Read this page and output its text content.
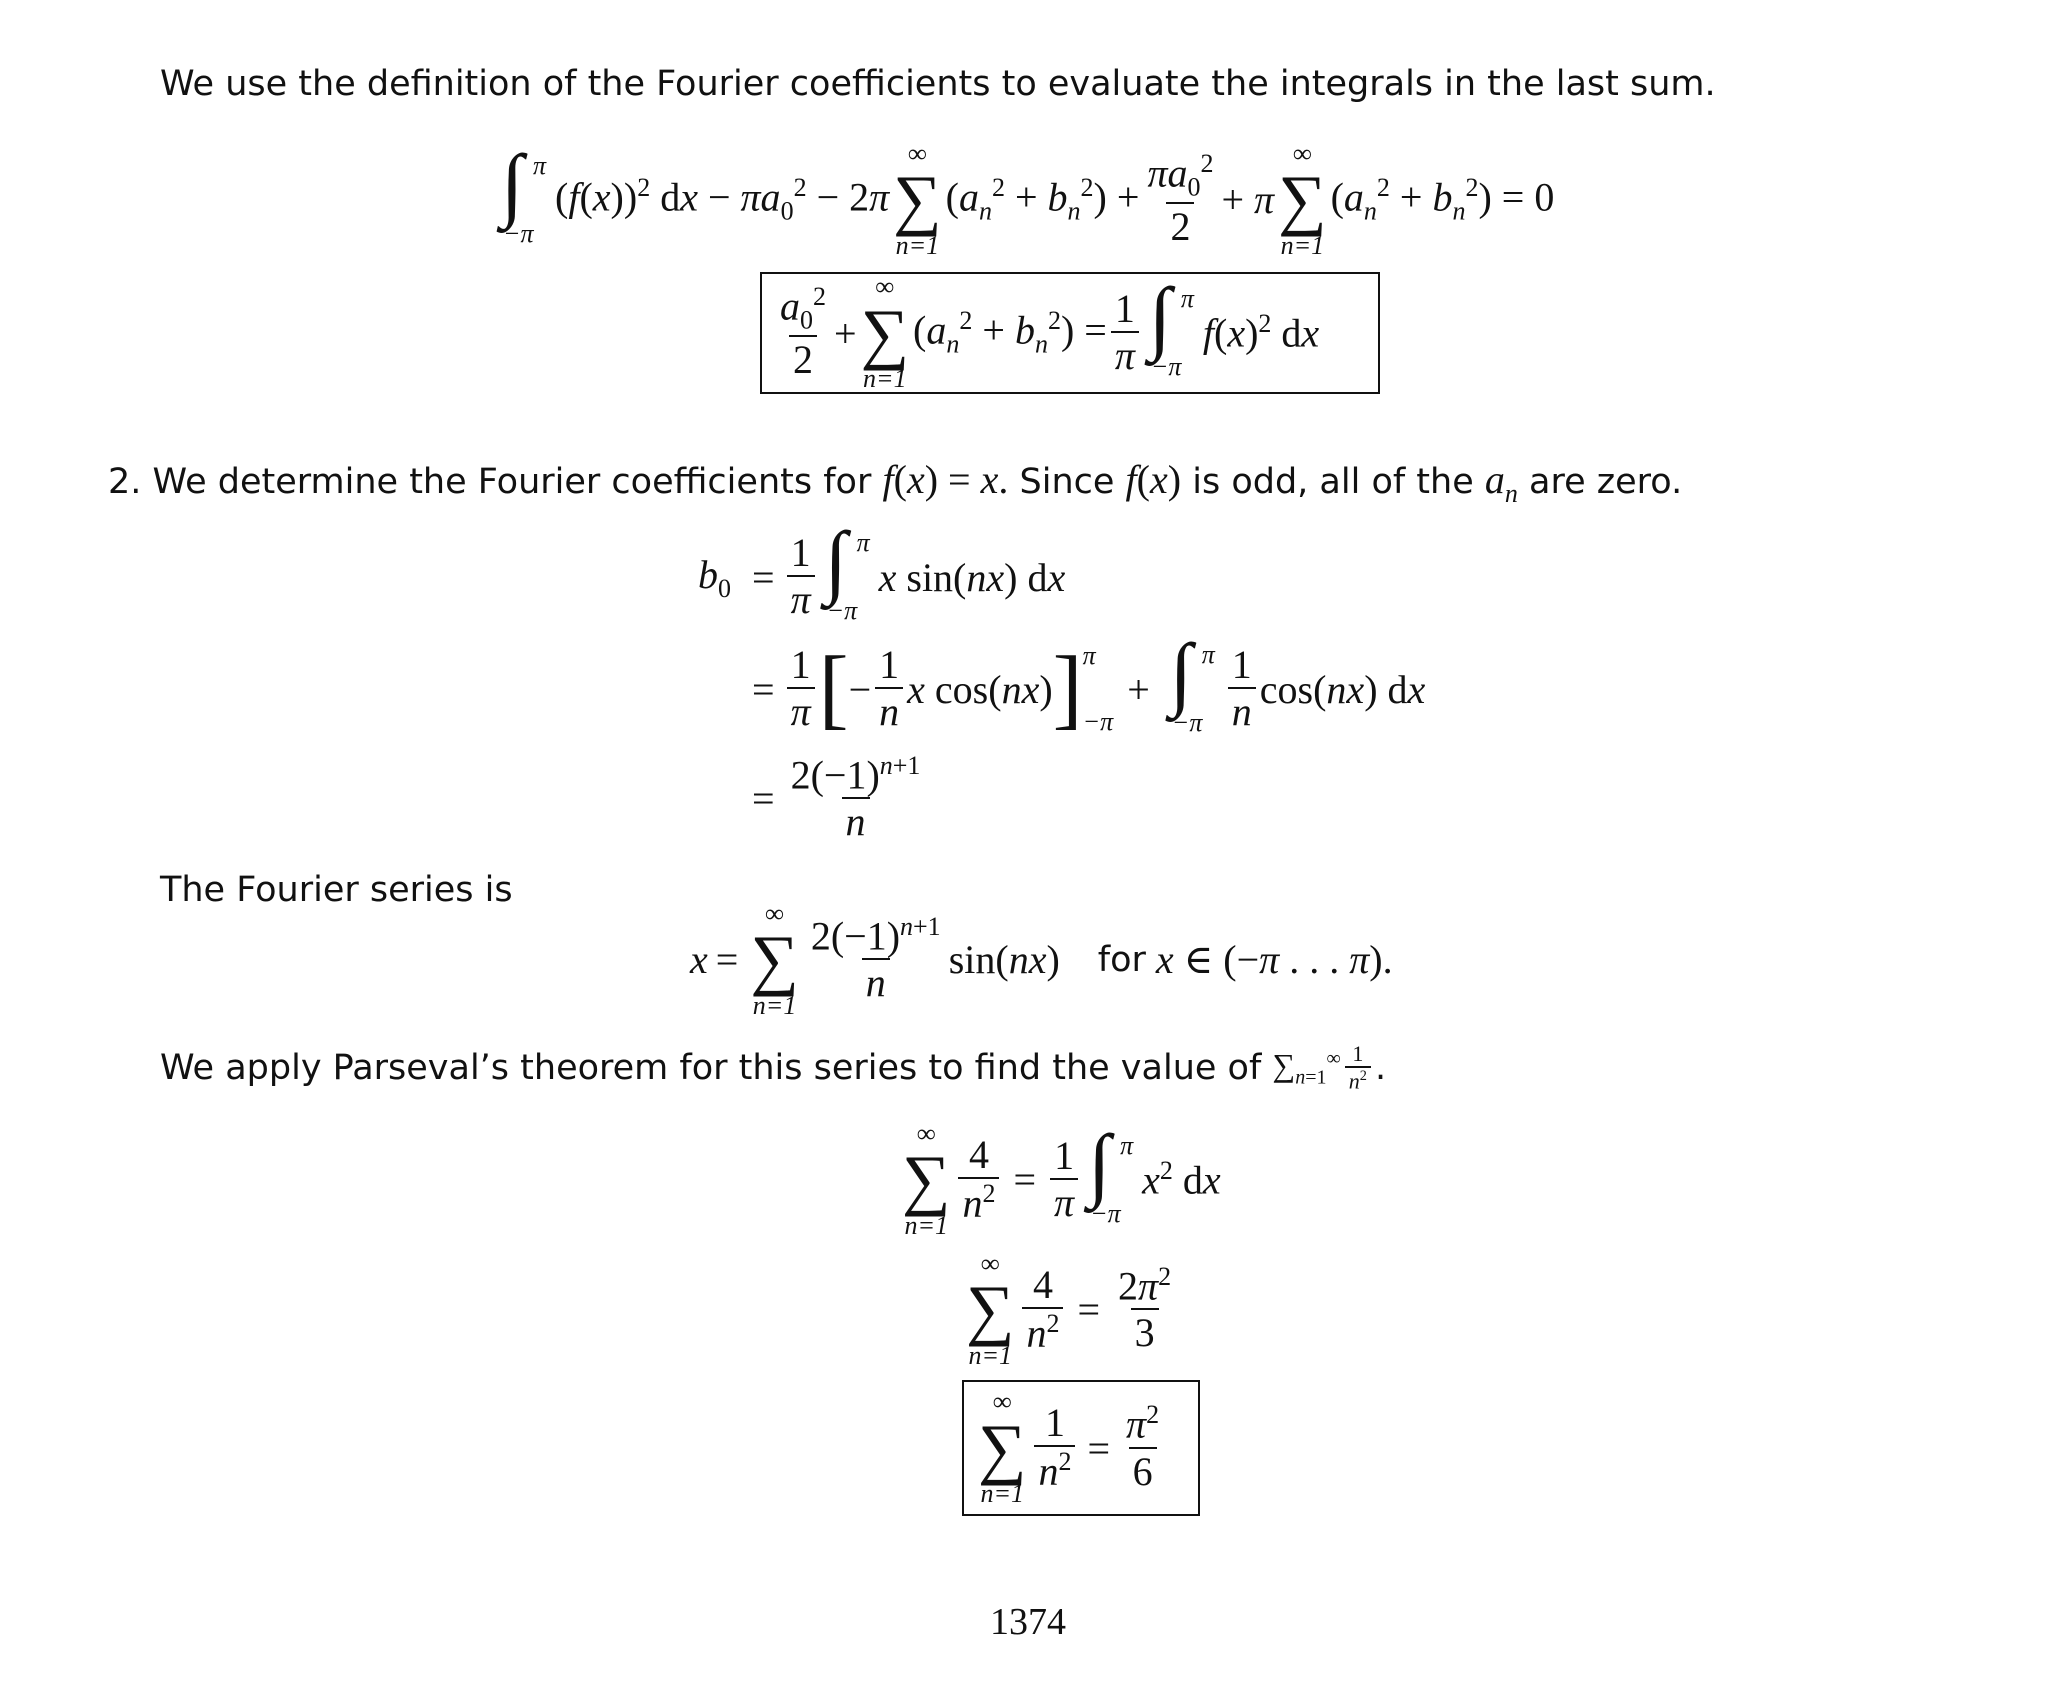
We use the definition of the Fourier coefficients to evaluate the integrals in the last sum.
∫ π
−π
$(f(x))^2$ dx − $\pi a_0^2 - 2\pi$
∞
∑
n=1
$(a_n^2 + b_n^2) + \frac{\pi a_0^2}{2} + \pi$
∞
∑
n=1
$(a_n^2 + b_n^2) = 0$
$\frac{a_0^2}{2}$ +
∞
∑
n=1
$(a_n^2 + b_n^2) = \frac{1}{\pi}$ ∫ π
−π
$f(x)^2$ dx
2.
We determine the Fourier coefficients for
f (x) = x.
Since
f(x)
is odd, all of the
$a_n$
are zero.
$b_0 = \frac{1}{\pi}$ ∫ π
−π
x sin(nx) dx
= $\frac{1}{\pi}$ [ − $\frac{1}{n}$ x cos(nx) ] π
−π
+ ∫ π
$-\pi \frac{1}{n} \cos(nx)$ dx
= $\frac{2(-1)^{n+1}}{n}$
The Fourier series is
x =
∞
∑
$n=1 \frac{2(-1)^{n+1}}{n} \sin(nx)$ for x ∈ (−π . . . π).
We apply Parseval’s theorem for this series to find the value of
$\sum_{n=1}^\infty \frac{1}{n^2}$ .
∞
∑
$n=1 \frac{4}{n^2} = \frac{1}{\pi}$ ∫ π
−π
$x^2$ dx
∞
∑
$n=1 \frac{4}{n^2} = \frac{2\pi^2}{3}$
∞
∑
$n=1 \frac{1}{n^2} = \frac{\pi^2}{6}$
1374
